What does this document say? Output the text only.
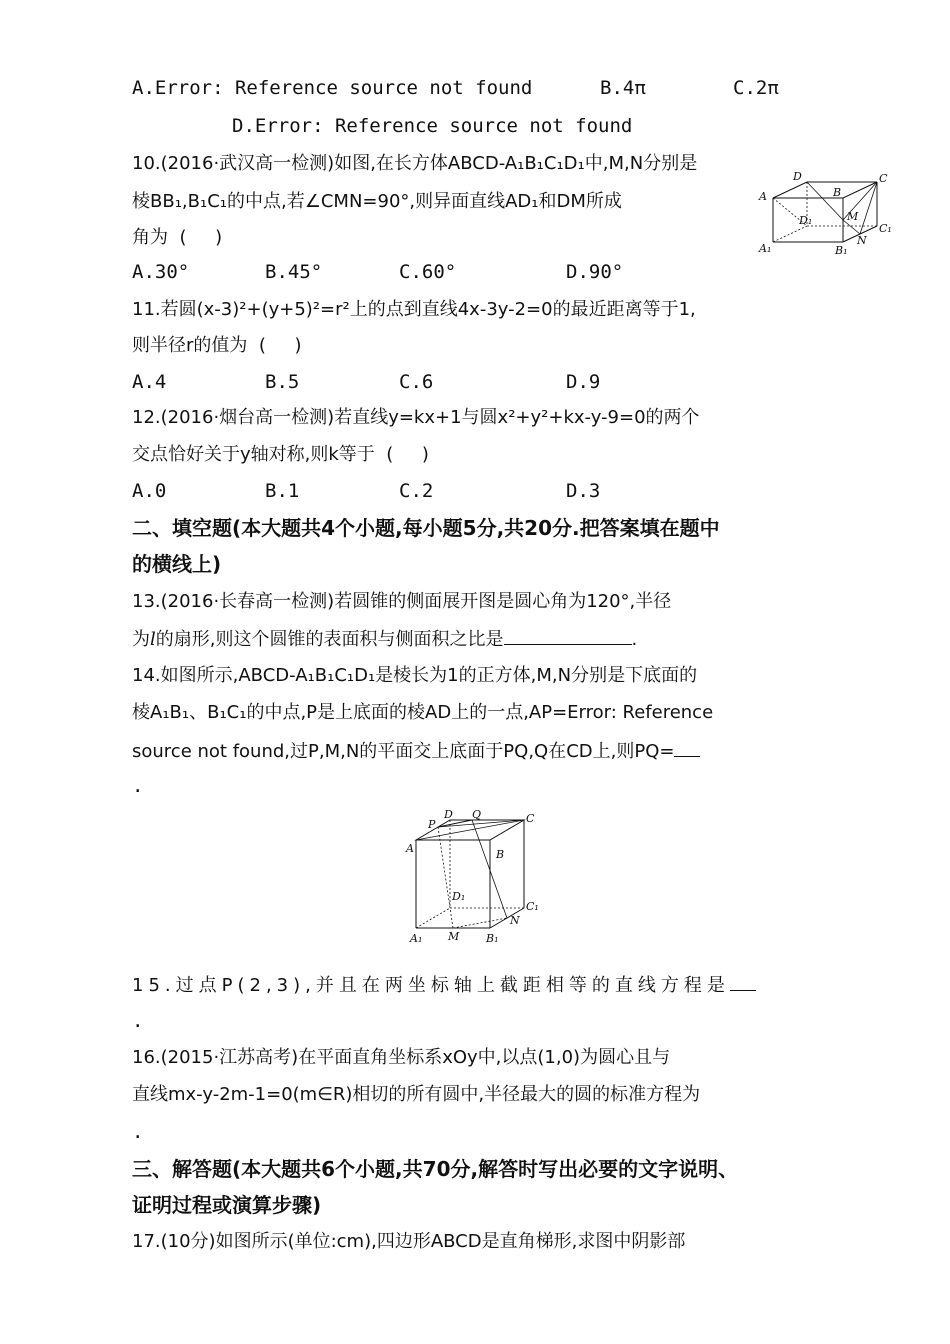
A.Error: Reference source not found	B.4π	C.2π
D.Error: Reference source not found
10.(2016·武汉高一检测)如图,在长方体ABCD-A₁B₁C₁D₁中,M,N分别是
棱BB₁,B₁C₁的中点,若∠CMN=90°,则异面直线AD₁和DM所成
角为  (     )
D	C
A	B
M
D₁
A₁	B₁
N
C₁
A.30°	B.45°	C.60°	D.90°
11.若圆(x-3)²+(y+5)²=r²上的点到直线4x-3y-2=0的最近距离等于1,
则半径r的值为  (     )
A.4	B.5	C.6	D.9
12.(2016·烟台高一检测)若直线y=kx+1与圆x²+y²+kx-y-9=0的两个
交点恰好关于y轴对称,则k等于  (     )
A.0	B.1	C.2	D.3
二、填空题(本大题共4个小题,每小题5分,共20分.把答案填在题中
的横线上)
13.(2016·长春高一检测)若圆锥的侧面展开图是圆心角为120°,半径
为l的扇形,则这个圆锥的表面积与侧面积之比是	.
14.如图所示,ABCD-A₁B₁C₁D₁是棱长为1的正方体,M,N分别是下底面的
棱A₁B₁、B₁C₁的中点,P是上底面的棱AD上的一点,AP=Error: Reference
source not found,过P,M,N的平面交上底面于PQ,Q在CD上,则PQ=
.
P
D Q	C
A	B
D₁
C₁
N
A₁ M B₁
15.过点P(2,3),并且在两坐标轴上截距相等的直线方程是
.
16.(2015·江苏高考)在平面直角坐标系xOy中,以点(1,0)为圆心且与
直线mx-y-2m-1=0(m∈R)相切的所有圆中,半径最大的圆的标准方程为
.
三、解答题(本大题共6个小题,共70分,解答时写出必要的文字说明、
证明过程或演算步骤)
17.(10分)如图所示(单位:cm),四边形ABCD是直角梯形,求图中阴影部
